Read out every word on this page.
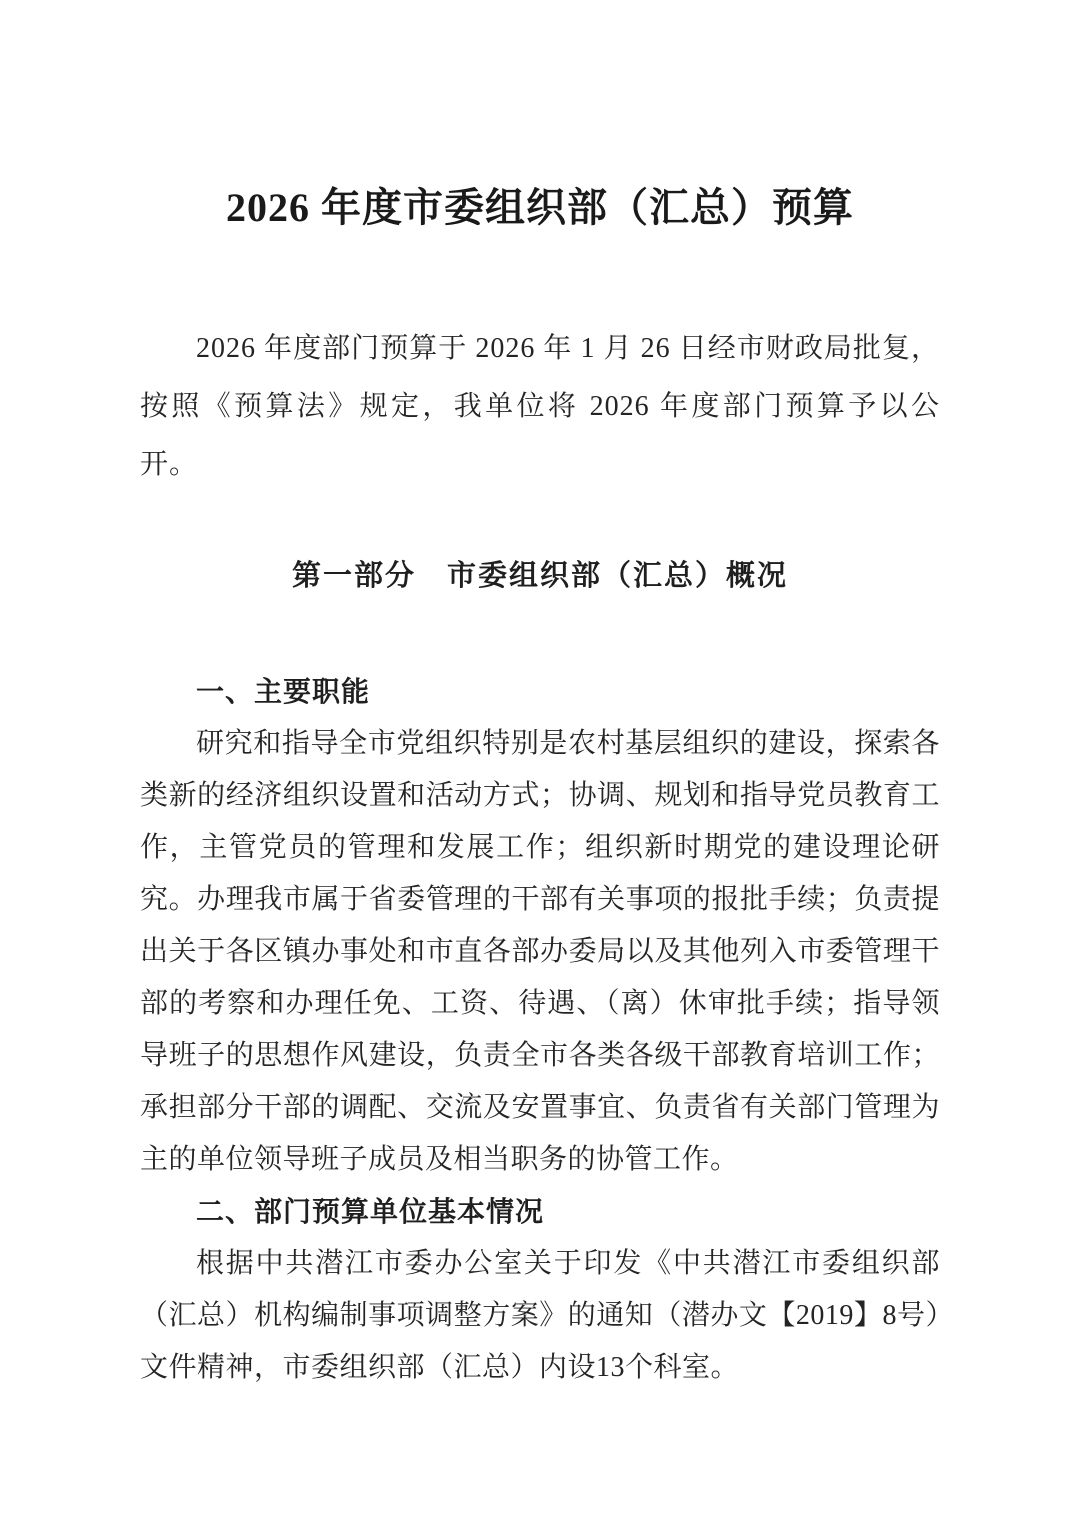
2026 年度市委组织部（汇总）预算

2026 年度部门预算于 2026 年 1 月 26 日经市财政局批复，按照《预算法》规定，我单位将 2026 年度部门预算予以公开。

第一部分　市委组织部（汇总）概况
一、主要职能

研究和指导全市党组织特别是农村基层组织的建设，探索各类新的经济组织设置和活动方式；协调、规划和指导党员教育工作，主管党员的管理和发展工作；组织新时期党的建设理论研究。办理我市属于省委管理的干部有关事项的报批手续；负责提出关于各区镇办事处和市直各部办委局以及其他列入市委管理干部的考察和办理任免、工资、待遇、（离）休审批手续；指导领导班子的思想作风建设，负责全市各类各级干部教育培训工作；承担部分干部的调配、交流及安置事宜、负责省有关部门管理为主的单位领导班子成员及相当职务的协管工作。

二、部门预算单位基本情况

根据中共潜江市委办公室关于印发《中共潜江市委组织部（汇总）机构编制事项调整方案》的通知（潜办文【2019】8号）文件精神，市委组织部（汇总）内设13个科室。
